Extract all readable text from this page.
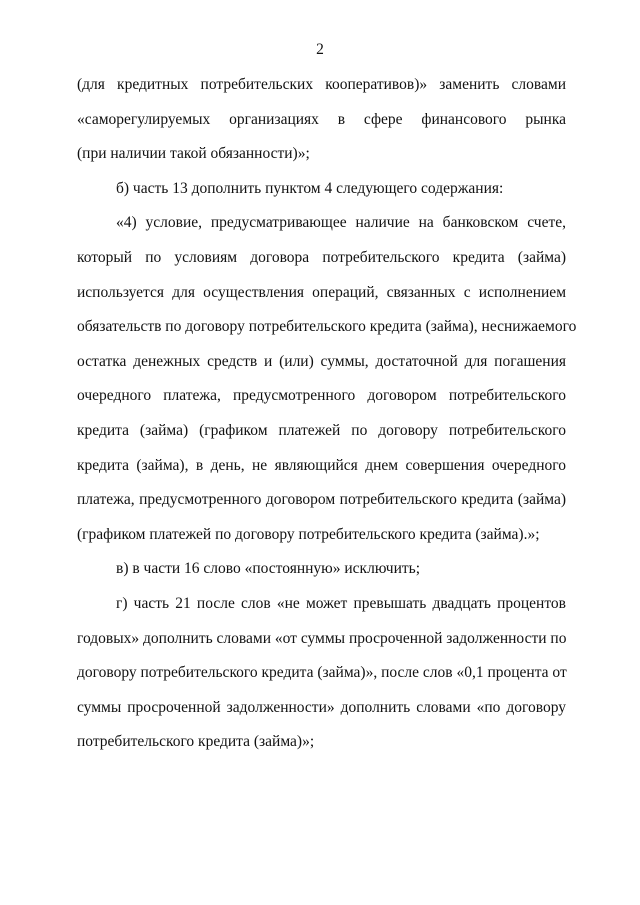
2
(для кредитных потребительских кооперативов)» заменить словами
«саморегулируемых организациях в сфере финансового рынка
(при наличии такой обязанности)»;
б) часть 13 дополнить пунктом 4 следующего содержания:
«4) условие, предусматривающее наличие на банковском счете,
который по условиям договора потребительского кредита (займа)
используется для осуществления операций, связанных с исполнением
обязательств по договору потребительского кредита (займа), неснижаемого
остатка денежных средств и (или) суммы, достаточной для погашения
очередного платежа, предусмотренного договором потребительского
кредита (займа) (графиком платежей по договору потребительского
кредита (займа), в день, не являющийся днем совершения очередного
платежа, предусмотренного договором потребительского кредита (займа)
(графиком платежей по договору потребительского кредита (займа).»;
в) в части 16 слово «постоянную» исключить;
г) часть 21 после слов «не может превышать двадцать процентов
годовых» дополнить словами «от суммы просроченной задолженности по
договору потребительского кредита (займа)», после слов «0,1 процента от
суммы просроченной задолженности» дополнить словами «по договору
потребительского кредита (займа)»;
